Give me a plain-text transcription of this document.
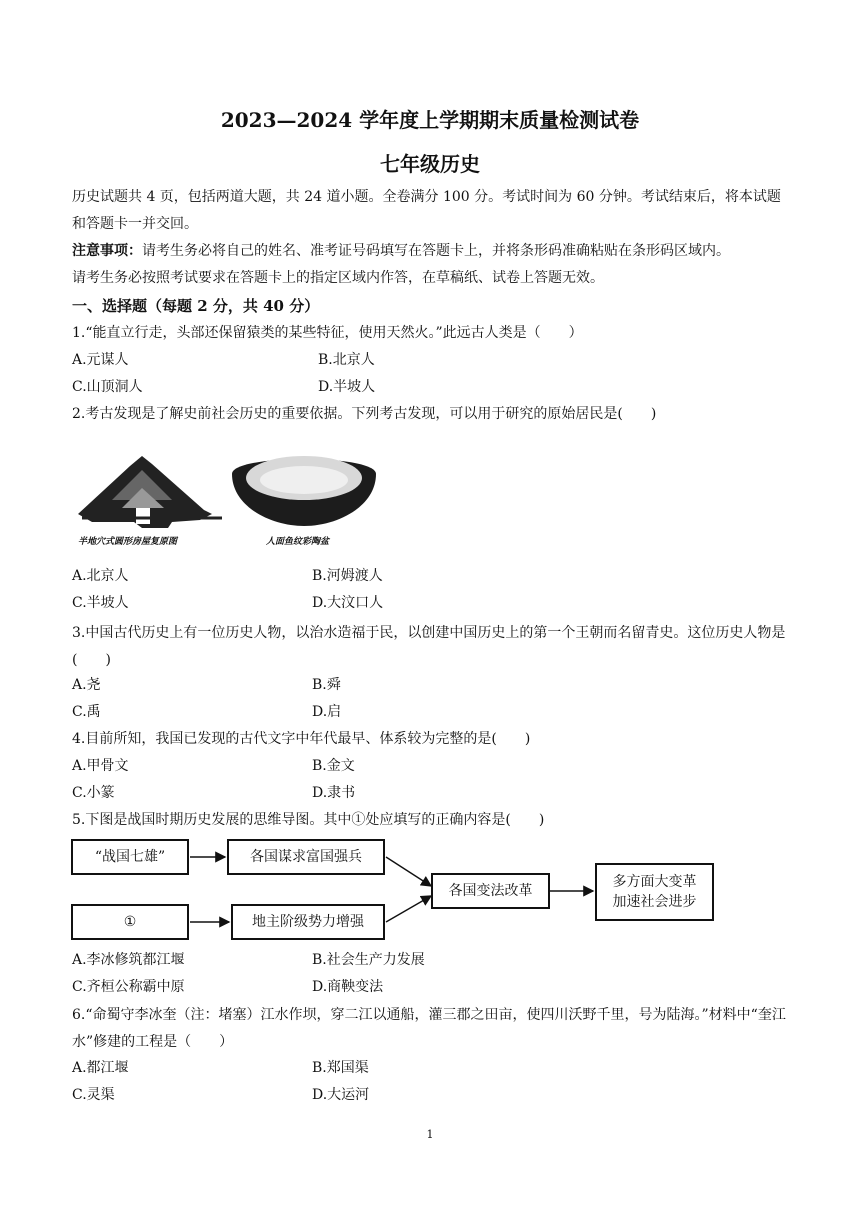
2023—2024 学年度上学期期末质量检测试卷
七年级历史
历史试题共 4 页，包括两道大题，共 24 道小题。全卷满分 100 分。考试时间为 60 分钟。考试结束后，将本试题和答题卡一并交回。
注意事项：请考生务必将自己的姓名、准考证号码填写在答题卡上，并将条形码准确粘贴在条形码区域内。
请考生务必按照考试要求在答题卡上的指定区域内作答，在草稿纸、试卷上答题无效。
一、选择题（每题 2 分，共 40 分）
1.“能直立行走，头部还保留猿类的某些特征，使用天然火。”此远古人类是（　　）
A.元谋人	B.北京人
C.山顶洞人	D.半坡人
2.考古发现是了解史前社会历史的重要依据。下列考古发现，可以用于研究的原始居民是(　　)
半地穴式圆形房屋复原图	人面鱼纹彩陶盆
A.北京人	B.河姆渡人
C.半坡人	D.大汶口人
3.中国古代历史上有一位历史人物，以治水造福于民，以创建中国历史上的第一个王朝而名留青史。这位历史人物是(　　)
A.尧	B.舜
C.禹	D.启
4.目前所知，我国已发现的古代文字中年代最早、体系较为完整的是(　　)
A.甲骨文	B.金文
C.小篆	D.隶书
5.下图是战国时期历史发展的思维导图。其中①处应填写的正确内容是(　　)
“战国七雄”	各国谋求富国强兵
①	地主阶级势力增强
各国变法改革
多方面大变革
加速社会进步
A.李冰修筑都江堰	B.社会生产力发展
C.齐桓公称霸中原	D.商鞅变法
6.“命蜀守李冰奎（注：堵塞）江水作坝，穿二江以通船，灌三郡之田亩，使四川沃野千里，号为陆海。”材料中“奎江水”修建的工程是（　　）
A.都江堰	B.郑国渠
C.灵渠	D.大运河
1
